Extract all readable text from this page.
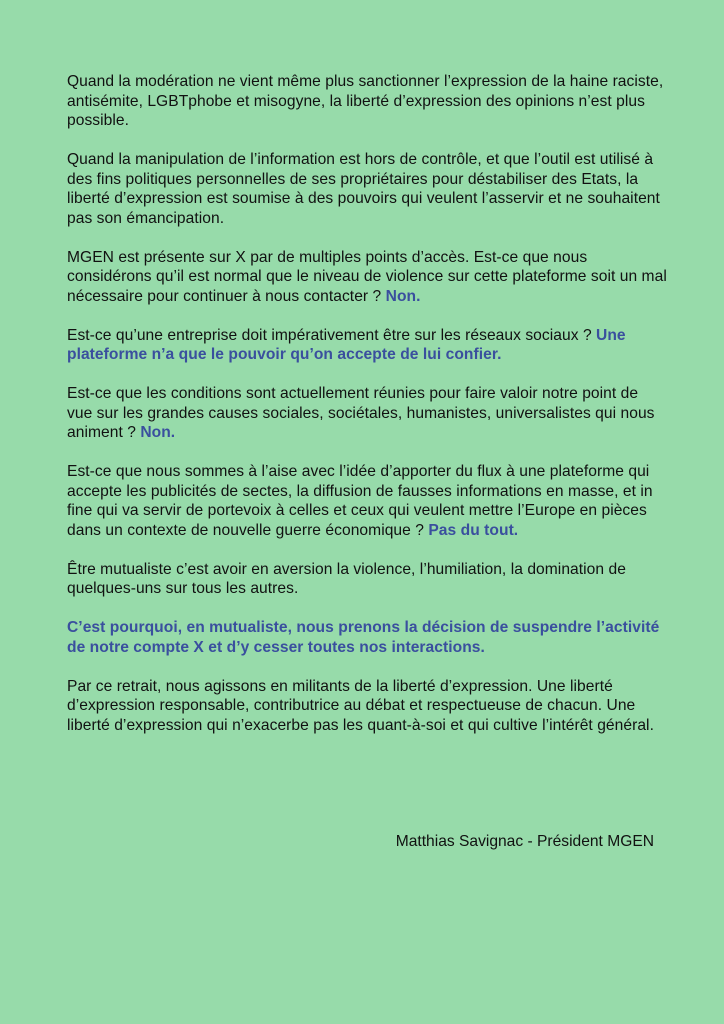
Quand la modération ne vient même plus sanctionner l’expression de la haine raciste, antisémite, LGBTphobe et misogyne, la liberté d’expression des opinions n’est plus possible.

Quand la manipulation de l’information est hors de contrôle, et que l’outil est utilisé à des fins politiques personnelles de ses propriétaires pour déstabiliser des Etats, la liberté d’expression est soumise à des pouvoirs qui veulent l’asservir et ne souhaitent pas son émancipation.

MGEN est présente sur X par de multiples points d’accès. Est-ce que nous considérons qu’il est normal que le niveau de violence sur cette plateforme soit un mal nécessaire pour continuer à nous contacter ? Non.

Est-ce qu’une entreprise doit impérativement être sur les réseaux sociaux ? Une plateforme n’a que le pouvoir qu’on accepte de lui confier.

Est-ce que les conditions sont actuellement réunies pour faire valoir notre point de vue sur les grandes causes sociales, sociétales, humanistes, universalistes qui nous animent ? Non.

Est-ce que nous sommes à l’aise avec l’idée d’apporter du flux à une plateforme qui accepte les publicités de sectes, la diffusion de fausses informations en masse, et in fine qui va servir de portevoix à celles et ceux qui veulent mettre l’Europe en pièces dans un contexte de nouvelle guerre économique ? Pas du tout.

Être mutualiste c’est avoir en aversion la violence, l’humiliation, la domination de quelques-uns sur tous les autres.

C’est pourquoi, en mutualiste, nous prenons la décision de suspendre l’activité de notre compte X et d’y cesser toutes nos interactions.

Par ce retrait, nous agissons en militants de la liberté d’expression. Une liberté d’expression responsable, contributrice au débat et respectueuse de chacun. Une liberté d’expression qui n’exacerbe pas les quant-à-soi et qui cultive l’intérêt général.

Matthias Savignac - Président MGEN
